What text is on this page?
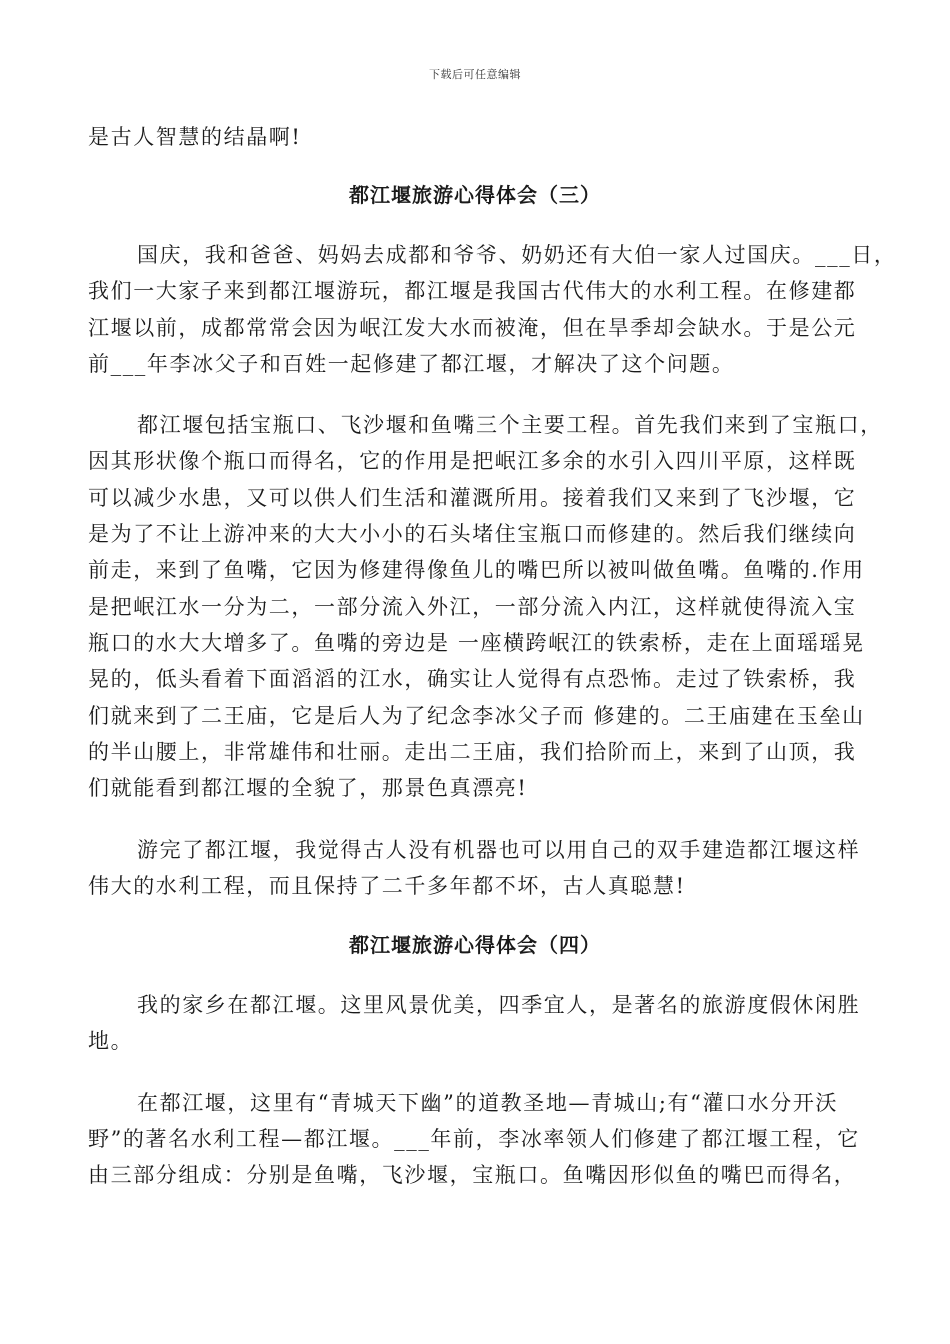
下载后可任意编辑
是古人智慧的结晶啊!
都江堰旅游心得体会（三）
国庆，我和爸爸、妈妈去成都和爷爷、奶奶还有大伯一家人过国庆。___日，
我们一大家子来到都江堰游玩，都江堰是我国古代伟大的水利工程。在修建都
江堰以前，成都常常会因为岷江发大水而被淹，但在旱季却会缺水。于是公元
前___年李冰父子和百姓一起修建了都江堰，才解决了这个问题。
都江堰包括宝瓶口、飞沙堰和鱼嘴三个主要工程。首先我们来到了宝瓶口，
因其形状像个瓶口而得名，它的作用是把岷江多余的水引入四川平原，这样既
可以减少水患，又可以供人们生活和灌溉所用。接着我们又来到了飞沙堰，它
是为了不让上游冲来的大大小小的石头堵住宝瓶口而修建的。然后我们继续向
前走，来到了鱼嘴，它因为修建得像鱼儿的嘴巴所以被叫做鱼嘴。鱼嘴的.作用
是把岷江水一分为二，一部分流入外江，一部分流入内江，这样就使得流入宝
瓶口的水大大增多了。鱼嘴的旁边是 一座横跨岷江的铁索桥，走在上面瑶瑶晃
晃的，低头看着下面滔滔的江水，确实让人觉得有点恐怖。走过了铁索桥，我
们就来到了二王庙，它是后人为了纪念李冰父子而 修建的。二王庙建在玉垒山
的半山腰上，非常雄伟和壮丽。走出二王庙，我们拾阶而上，来到了山顶，我
们就能看到都江堰的全貌了，那景色真漂亮!
游完了都江堰，我觉得古人没有机器也可以用自己的双手建造都江堰这样
伟大的水利工程，而且保持了二千多年都不坏，古人真聪慧!
都江堰旅游心得体会（四）
我的家乡在都江堰。这里风景优美，四季宜人，是著名的旅游度假休闲胜
地。
在都江堰，这里有“青城天下幽”的道教圣地—青城山;有“灌口水分开沃
野”的著名水利工程—都江堰。___年前，李冰率领人们修建了都江堰工程，它
由三部分组成：分别是鱼嘴，飞沙堰，宝瓶口。鱼嘴因形似鱼的嘴巴而得名，
